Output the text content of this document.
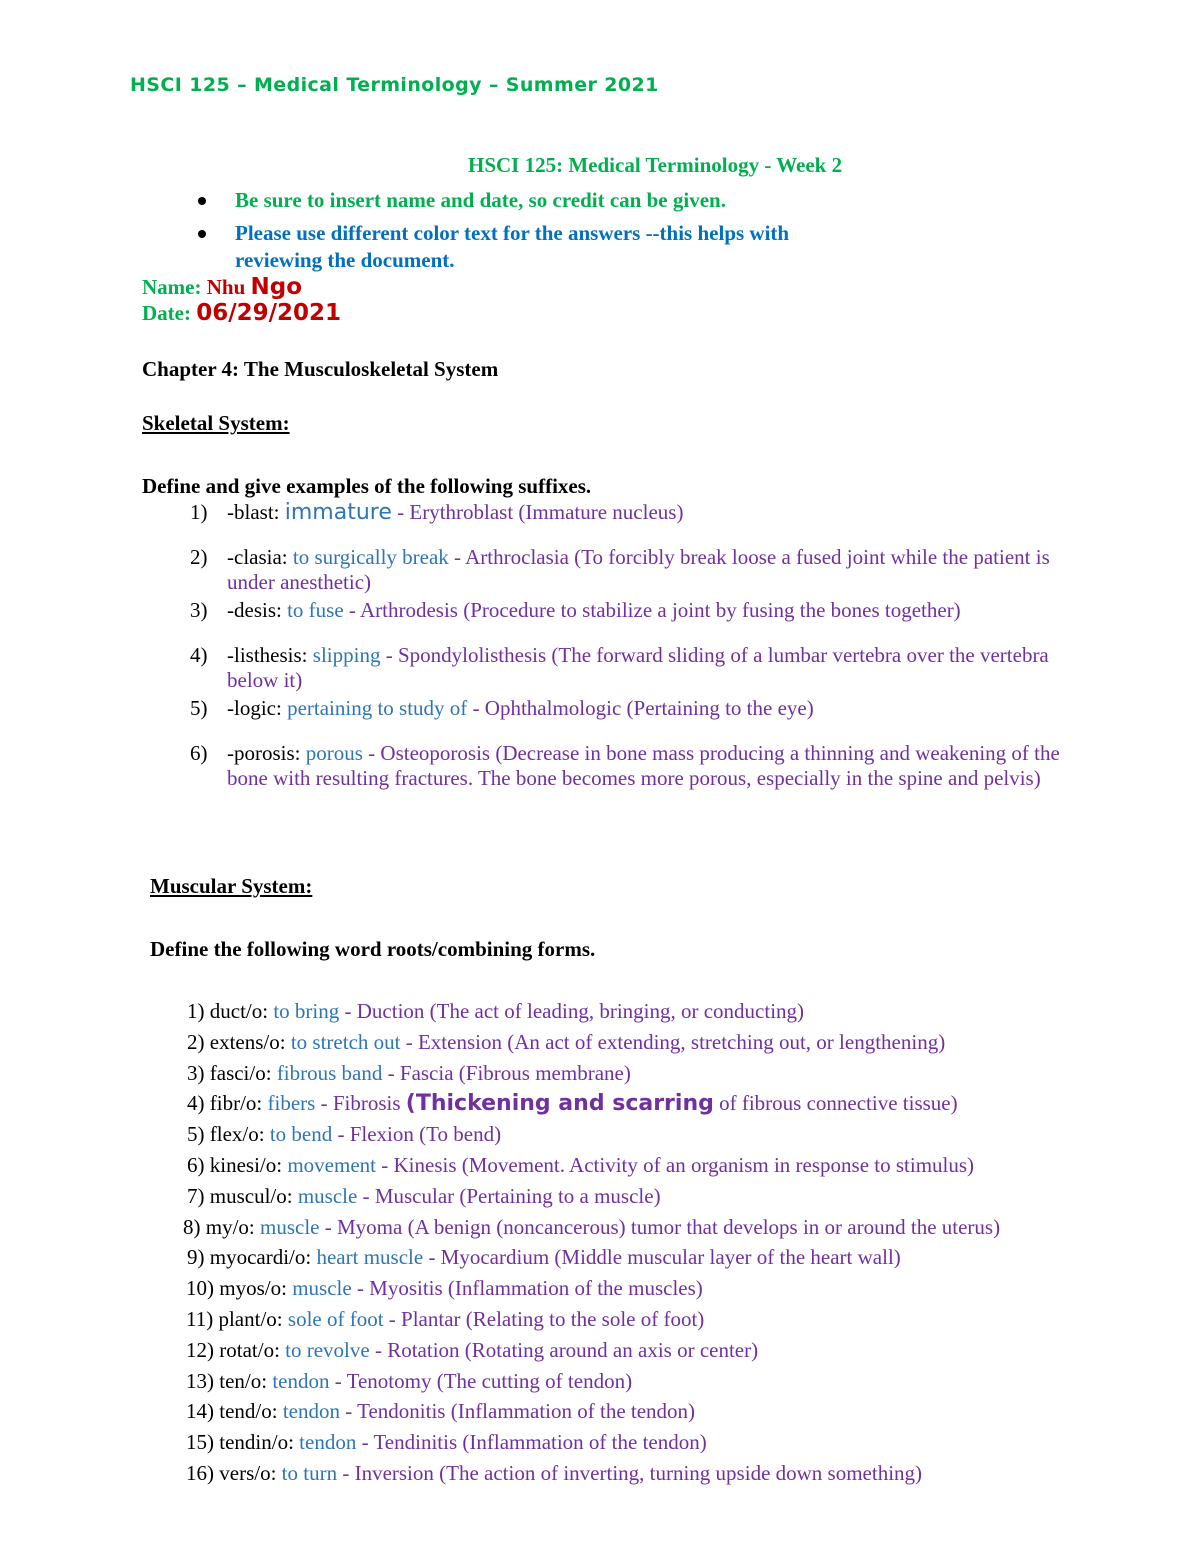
HSCI 125 – Medical Terminology – Summer 2021
HSCI 125: Medical Terminology - Week 2
Be sure to insert name and date, so credit can be given.
Please use different color text for the answers --this helps with reviewing the document.
Name: Nhu Ngo
Date: 06/29/2021
Chapter 4: The Musculoskeletal System
Skeletal System:
Define and give examples of the following suffixes.
1) -blast: immature - Erythroblast (Immature nucleus)
2) -clasia: to surgically break - Arthroclasia (To forcibly break loose a fused joint while the patient is under anesthetic)
3) -desis: to fuse - Arthrodesis (Procedure to stabilize a joint by fusing the bones together)
4) -listhesis: slipping - Spondylolisthesis (The forward sliding of a lumbar vertebra over the vertebra below it)
5) -logic: pertaining to study of - Ophthalmologic (Pertaining to the eye)
6) -porosis: porous - Osteoporosis (Decrease in bone mass producing a thinning and weakening of the bone with resulting fractures. The bone becomes more porous, especially in the spine and pelvis)
Muscular System:
Define the following word roots/combining forms.
1) duct/o: to bring - Duction (The act of leading, bringing, or conducting)
2) extens/o: to stretch out - Extension (An act of extending, stretching out, or lengthening)
3) fasci/o: fibrous band - Fascia (Fibrous membrane)
4) fibr/o: fibers - Fibrosis (Thickening and scarring of fibrous connective tissue)
5) flex/o: to bend - Flexion (To bend)
6) kinesi/o: movement - Kinesis (Movement. Activity of an organism in response to stimulus)
7) muscul/o: muscle - Muscular (Pertaining to a muscle)
8) my/o: muscle - Myoma (A benign (noncancerous) tumor that develops in or around the uterus)
9) myocardi/o: heart muscle - Myocardium (Middle muscular layer of the heart wall)
10) myos/o: muscle - Myositis (Inflammation of the muscles)
11) plant/o: sole of foot - Plantar (Relating to the sole of foot)
12) rotat/o: to revolve - Rotation (Rotating around an axis or center)
13) ten/o: tendon - Tenotomy (The cutting of tendon)
14) tend/o: tendon - Tendonitis (Inflammation of the tendon)
15) tendin/o: tendon - Tendinitis (Inflammation of the tendon)
16) vers/o: to turn - Inversion (The action of inverting, turning upside down something)
